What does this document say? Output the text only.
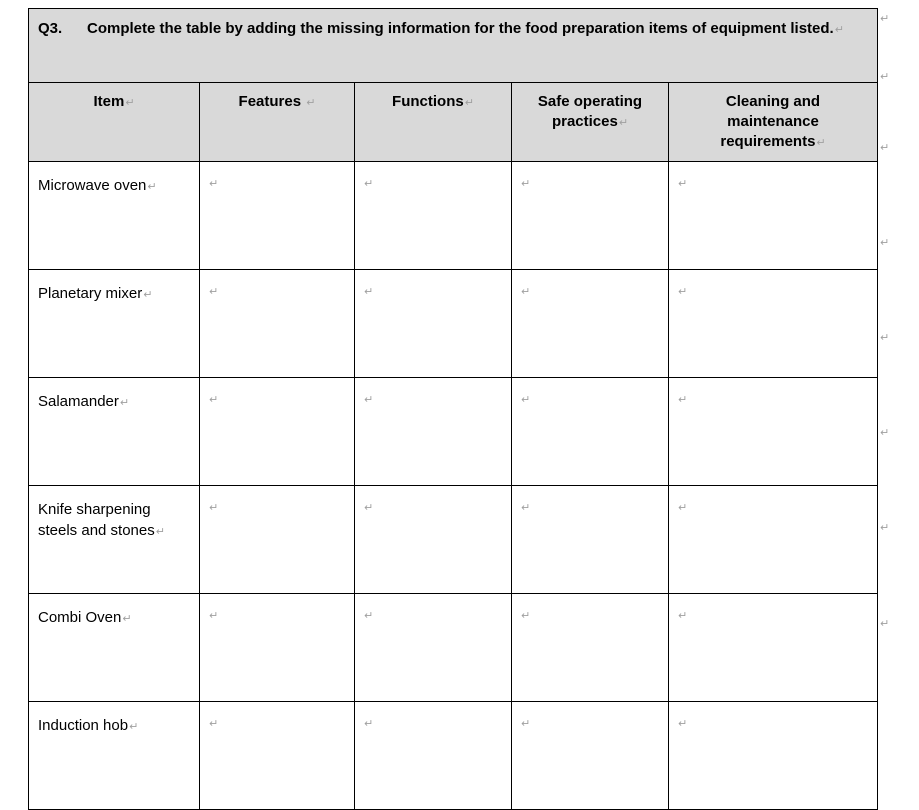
Q3. Complete the table by adding the missing information for the food preparation items of equipment listed.↵				

Item↵	Features ↵	Functions↵	Safe operating practices↵	Cleaning and maintenance requirements↵
Microwave oven↵	↵	↵	↵	↵
Planetary mixer↵	↵	↵	↵	↵
Salamander↵	↵	↵	↵	↵
Knife sharpening steels and stones↵	↵	↵	↵	↵
Combi Oven↵	↵	↵	↵	↵
Induction hob↵	↵	↵	↵	↵
↵
↵
↵
↵
↵
↵
↵
↵
